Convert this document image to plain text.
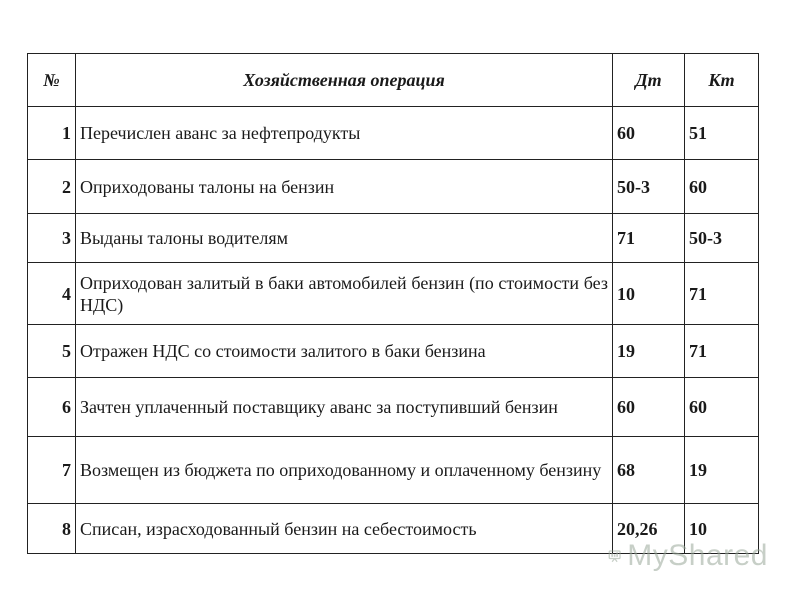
№	Хозяйственная операция	Дт	Кт
1	Перечислен аванс за нефтепродукты	60	51
2	Оприходованы талоны на бензин	50-3	60
3	Выданы талоны водителям	71	50-3
4	Оприходован залитый в баки автомобилей бензин (по стоимости без НДС)	10	71
5	Отражен НДС со стоимости залитого в баки бензина	19	71
6	Зачтен уплаченный поставщику аванс за поступивший бензин	60	60
7	Возмещен из бюджета по оприходованному и оплаченному бензину	68	19
8	Списан, израсходованный бензин на себестоимость	20,26	10
MyShared
